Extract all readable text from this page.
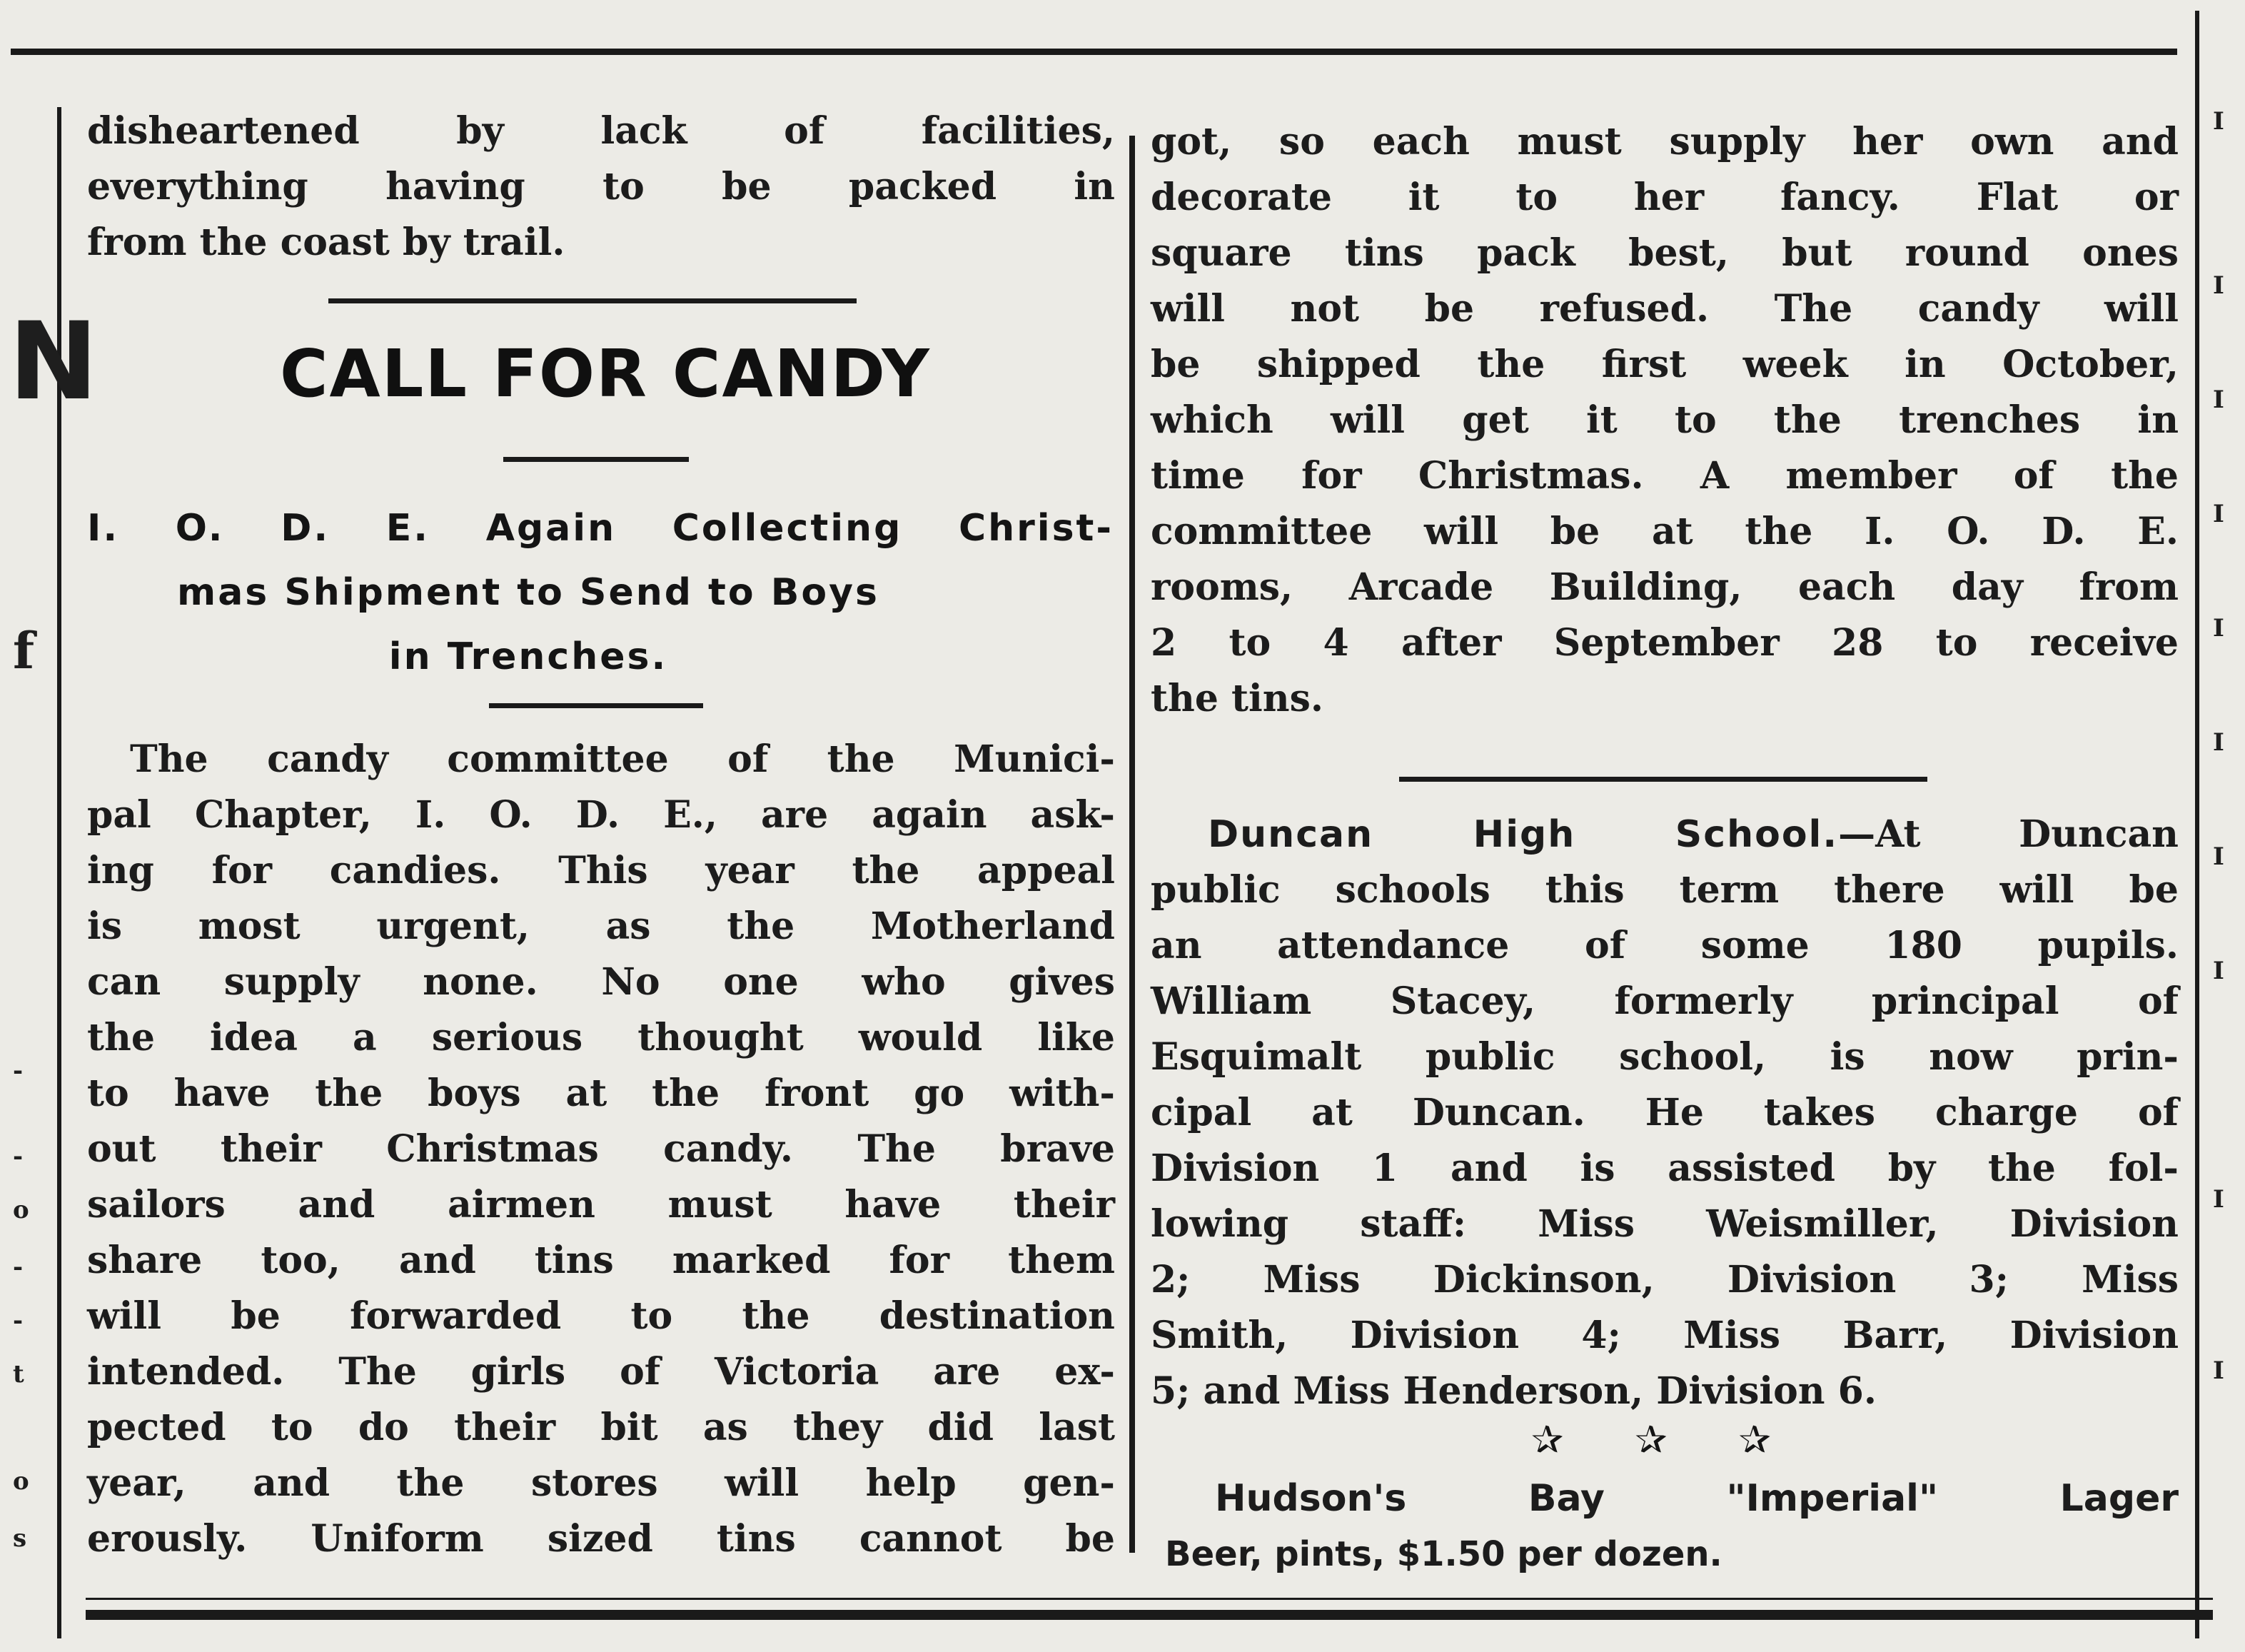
N
f
-
-
o
-
-
t
o
s
I
I
I
I
I
I
I
I
I
I

disheartened by lack of facilities,

everything having to be packed in

from the coast by trail.

CALL FOR CANDY

I. O. D. E. Again Collecting Christ-

mas Shipment to Send to Boys

in Trenches.

The candy committee of the Munici-

pal Chapter, I. O. D. E., are again ask-

ing for candies. This year the appeal

is most urgent, as the Motherland

can supply none. No one who gives

the idea a serious thought would like

to have the boys at the front go with-

out their Christmas candy. The brave

sailors and airmen must have their

share too, and tins marked for them

will be forwarded to the destination

intended. The girls of Victoria are ex-

pected to do their bit as they did last

year, and the stores will help gen-

erously. Uniform sized tins cannot be

got, so each must supply her own and

decorate it to her fancy. Flat or

square tins pack best, but round ones

will not be refused. The candy will

be shipped the first week in October,

which will get it to the trenches in

time for Christmas. A member of the

committee will be at the I. O. D. E.

rooms, Arcade Building, each day from

2 to 4 after September 28 to receive

the tins.

Duncan High School.—At Duncan

public schools this term there will be

an attendance of some 180 pupils.

William Stacey, formerly principal of

Esquimalt public school, is now prin-

cipal at Duncan. He takes charge of

Division 1 and is assisted by the fol-

lowing staff: Miss Weismiller, Division

2; Miss Dickinson, Division 3; Miss

Smith, Division 4; Miss Barr, Division

5; and Miss Henderson, Division 6.

✰✰✰

Hudson's Bay "Imperial" Lager

Beer, pints, $1.50 per dozen.
